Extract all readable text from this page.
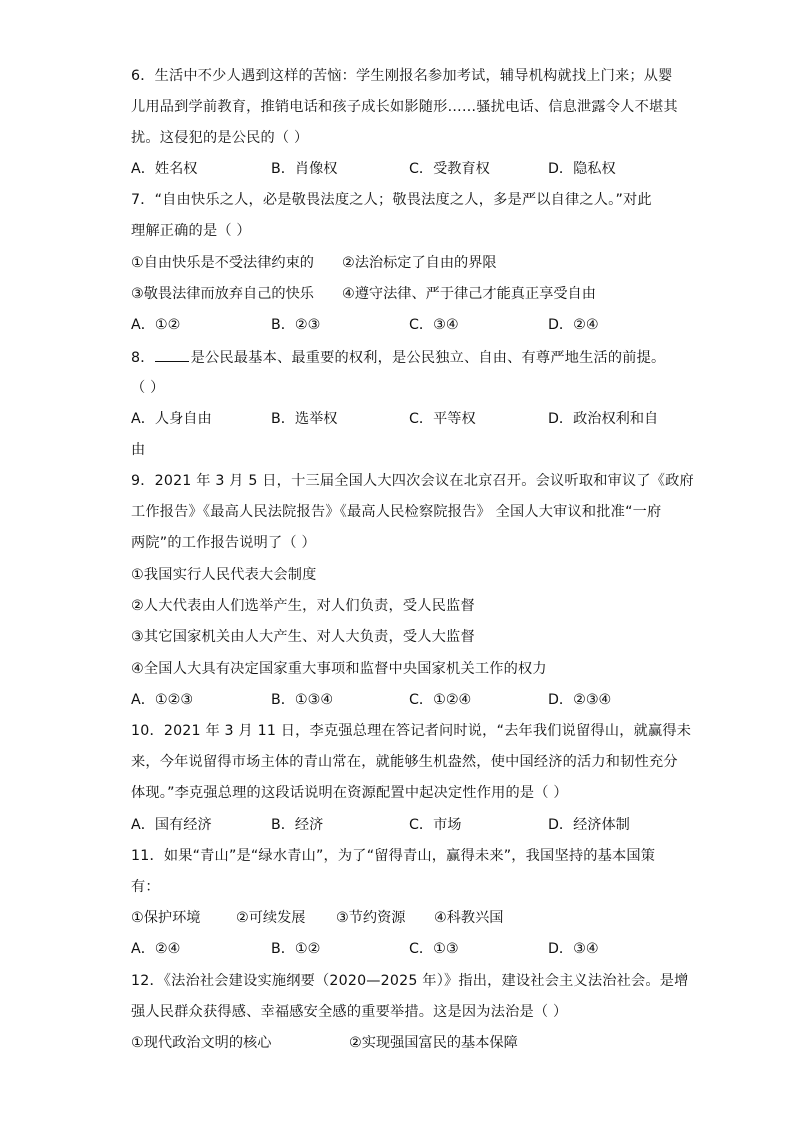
6．生活中不少人遇到这样的苦恼：学生刚报名参加考试，辅导机构就找上门来；从婴
儿用品到学前教育，推销电话和孩子成长如影随形……骚扰电话、信息泄露令人不堪其
扰。这侵犯的是公民的（ ）
A．姓名权	B．肖像权	C．受教育权	D．隐私权
7．“自由快乐之人，必是敬畏法度之人；敬畏法度之人，多是严以自律之人。”对此
理解正确的是（ ）
①自由快乐是不受法律约束的 ②法治标定了自由的界限
③敬畏法律而放弃自己的快乐 ④遵守法律、严于律己才能真正享受自由
A．①②	B．②③	C．③④	D．②④
8．	是公民最基本、最重要的权利，是公民独立、自由、有尊严地生活的前提。
（ ）
A．人身自由	B．选举权	C．平等权	D．政治权利和自
由
9．2021 年 3 月 5 日，十三届全国人大四次会议在北京召开。会议听取和审议了《政府
工作报告》《最高人民法院报告》《最高人民检察院报告》 全国人大审议和批准“一府
两院”的工作报告说明了（ ）
①我国实行人民代表大会制度
②人大代表由人们选举产生，对人们负责，受人民监督
③其它国家机关由人大产生、对人大负责，受人大监督
④全国人大具有决定国家重大事项和监督中央国家机关工作的权力
A．①②③	B．①③④	C．①②④	D．②③④
10．2021 年 3 月 11 日，李克强总理在答记者问时说，“去年我们说留得山，就赢得未
来，今年说留得市场主体的青山常在，就能够生机盎然，使中国经济的活力和韧性充分
体现。”李克强总理的这段话说明在资源配置中起决定性作用的是（ ）
A．国有经济	B．经济	C．市场	D．经济体制
11．如果“青山”是“绿水青山”，为了“留得青山，赢得未来”，我国坚持的基本国策
有：
①保护环境	②可续发展 ③节约资源 ④科教兴国
A．②④	B．①②	C．①③	D．③④
12．《法治社会建设实施纲要（2020—2025 年）》指出，建设社会主义法治社会。是增
强人民群众获得感、幸福感安全感的重要举措。这是因为法治是（ ）
①现代政治文明的核心	②实现强国富民的基本保障
